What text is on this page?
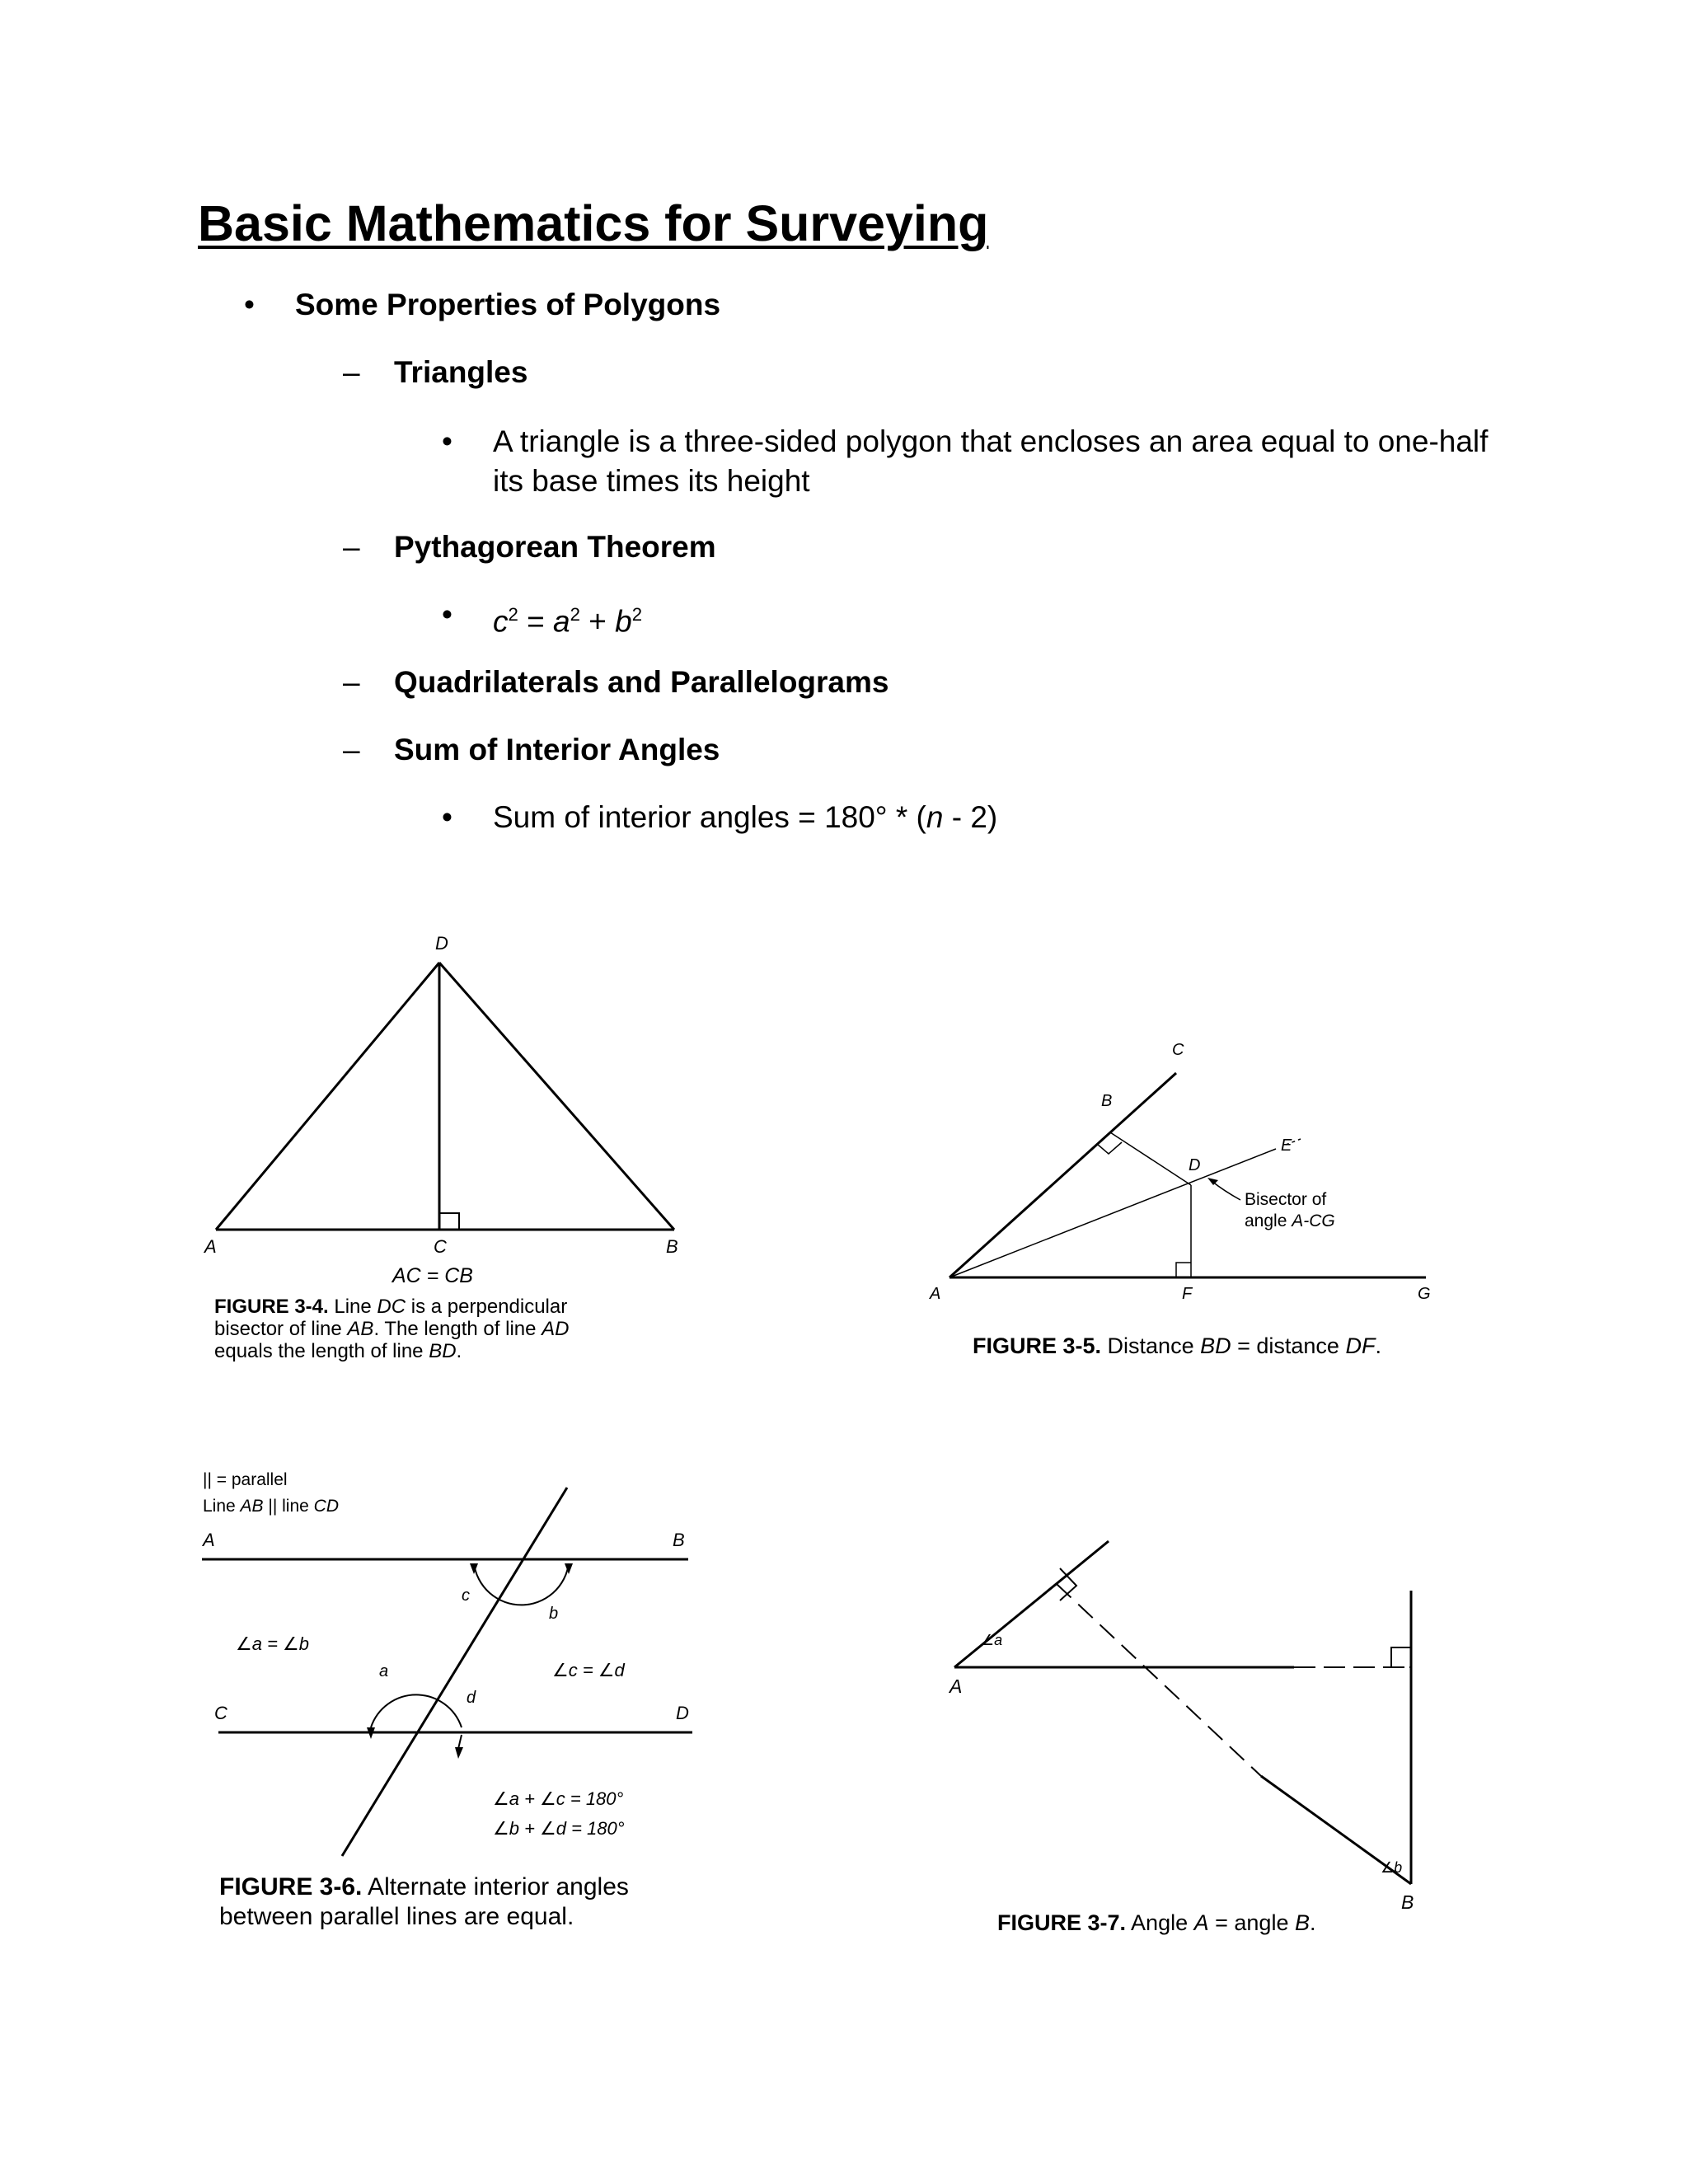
Basic Mathematics for Surveying
• Some Properties of Polygons
– Triangles
• A triangle is a three-sided polygon that encloses an area equal to one-half
its base times its height
– Pythagorean Theorem
• $c^2 = a^2 + b^2$
– Quadrilaterals and Parallelograms
– Sum of Interior Angles
• Sum of interior angles = 180° * (n - 2)
D
A	C	B
AC = CB
FIGURE 3-4. Line DC is a perpendicular
bisector of line AB. The length of line AD
equals the length of line BD.
C
B
D
E
A	F	G
Bisector of
angle A-CG
FIGURE 3-5. Distance BD = distance DF.
|| = parallel
Line AB || line CD
A	B
C	D
c
b
a
d
∠a = ∠b
∠c = ∠d
∠a + ∠c = 180°
∠b + ∠d = 180°
FIGURE 3-6. Alternate interior angles
between parallel lines are equal.
∠a
A
∠b
B
FIGURE 3-7. Angle A = angle B.
